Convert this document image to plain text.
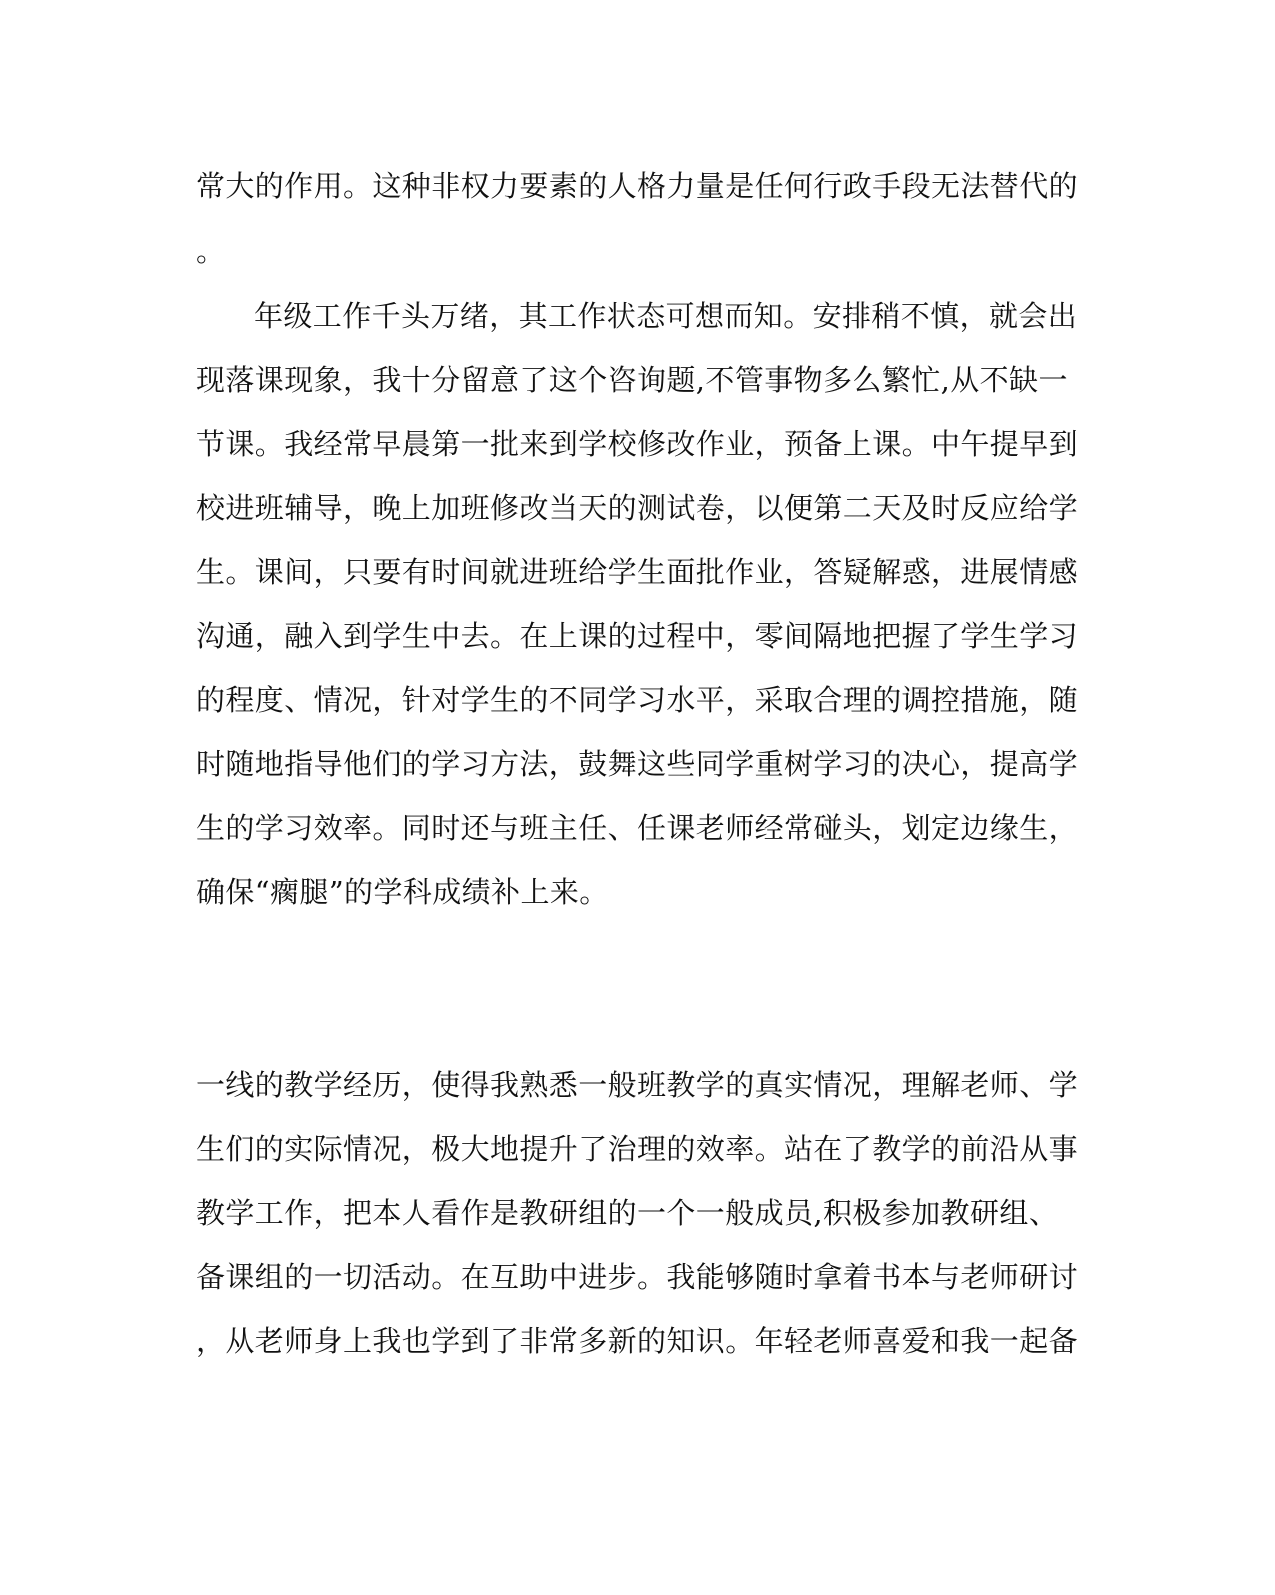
常大的作用。这种非权力要素的人格力量是任何行政手段无法替代的
。
年级工作千头万绪，其工作状态可想而知。安排稍不慎，就会出
现落课现象，我十分留意了这个咨询题,不管事物多么繁忙,从不缺一
节课。我经常早晨第一批来到学校修改作业，预备上课。中午提早到
校进班辅导，晚上加班修改当天的测试卷，以便第二天及时反应给学
生。课间，只要有时间就进班给学生面批作业，答疑解惑，进展情感
沟通，融入到学生中去。在上课的过程中，零间隔地把握了学生学习
的程度、情况，针对学生的不同学习水平，采取合理的调控措施，随
时随地指导他们的学习方法，鼓舞这些同学重树学习的决心，提高学
生的学习效率。同时还与班主任、任课老师经常碰头，划定边缘生，
确保“瘸腿”的学科成绩补上来。
一线的教学经历，使得我熟悉一般班教学的真实情况，理解老师、学
生们的实际情况，极大地提升了治理的效率。站在了教学的前沿从事
教学工作，把本人看作是教研组的一个一般成员,积极参加教研组、
备课组的一切活动。在互助中进步。我能够随时拿着书本与老师研讨
，从老师身上我也学到了非常多新的知识。年轻老师喜爱和我一起备
